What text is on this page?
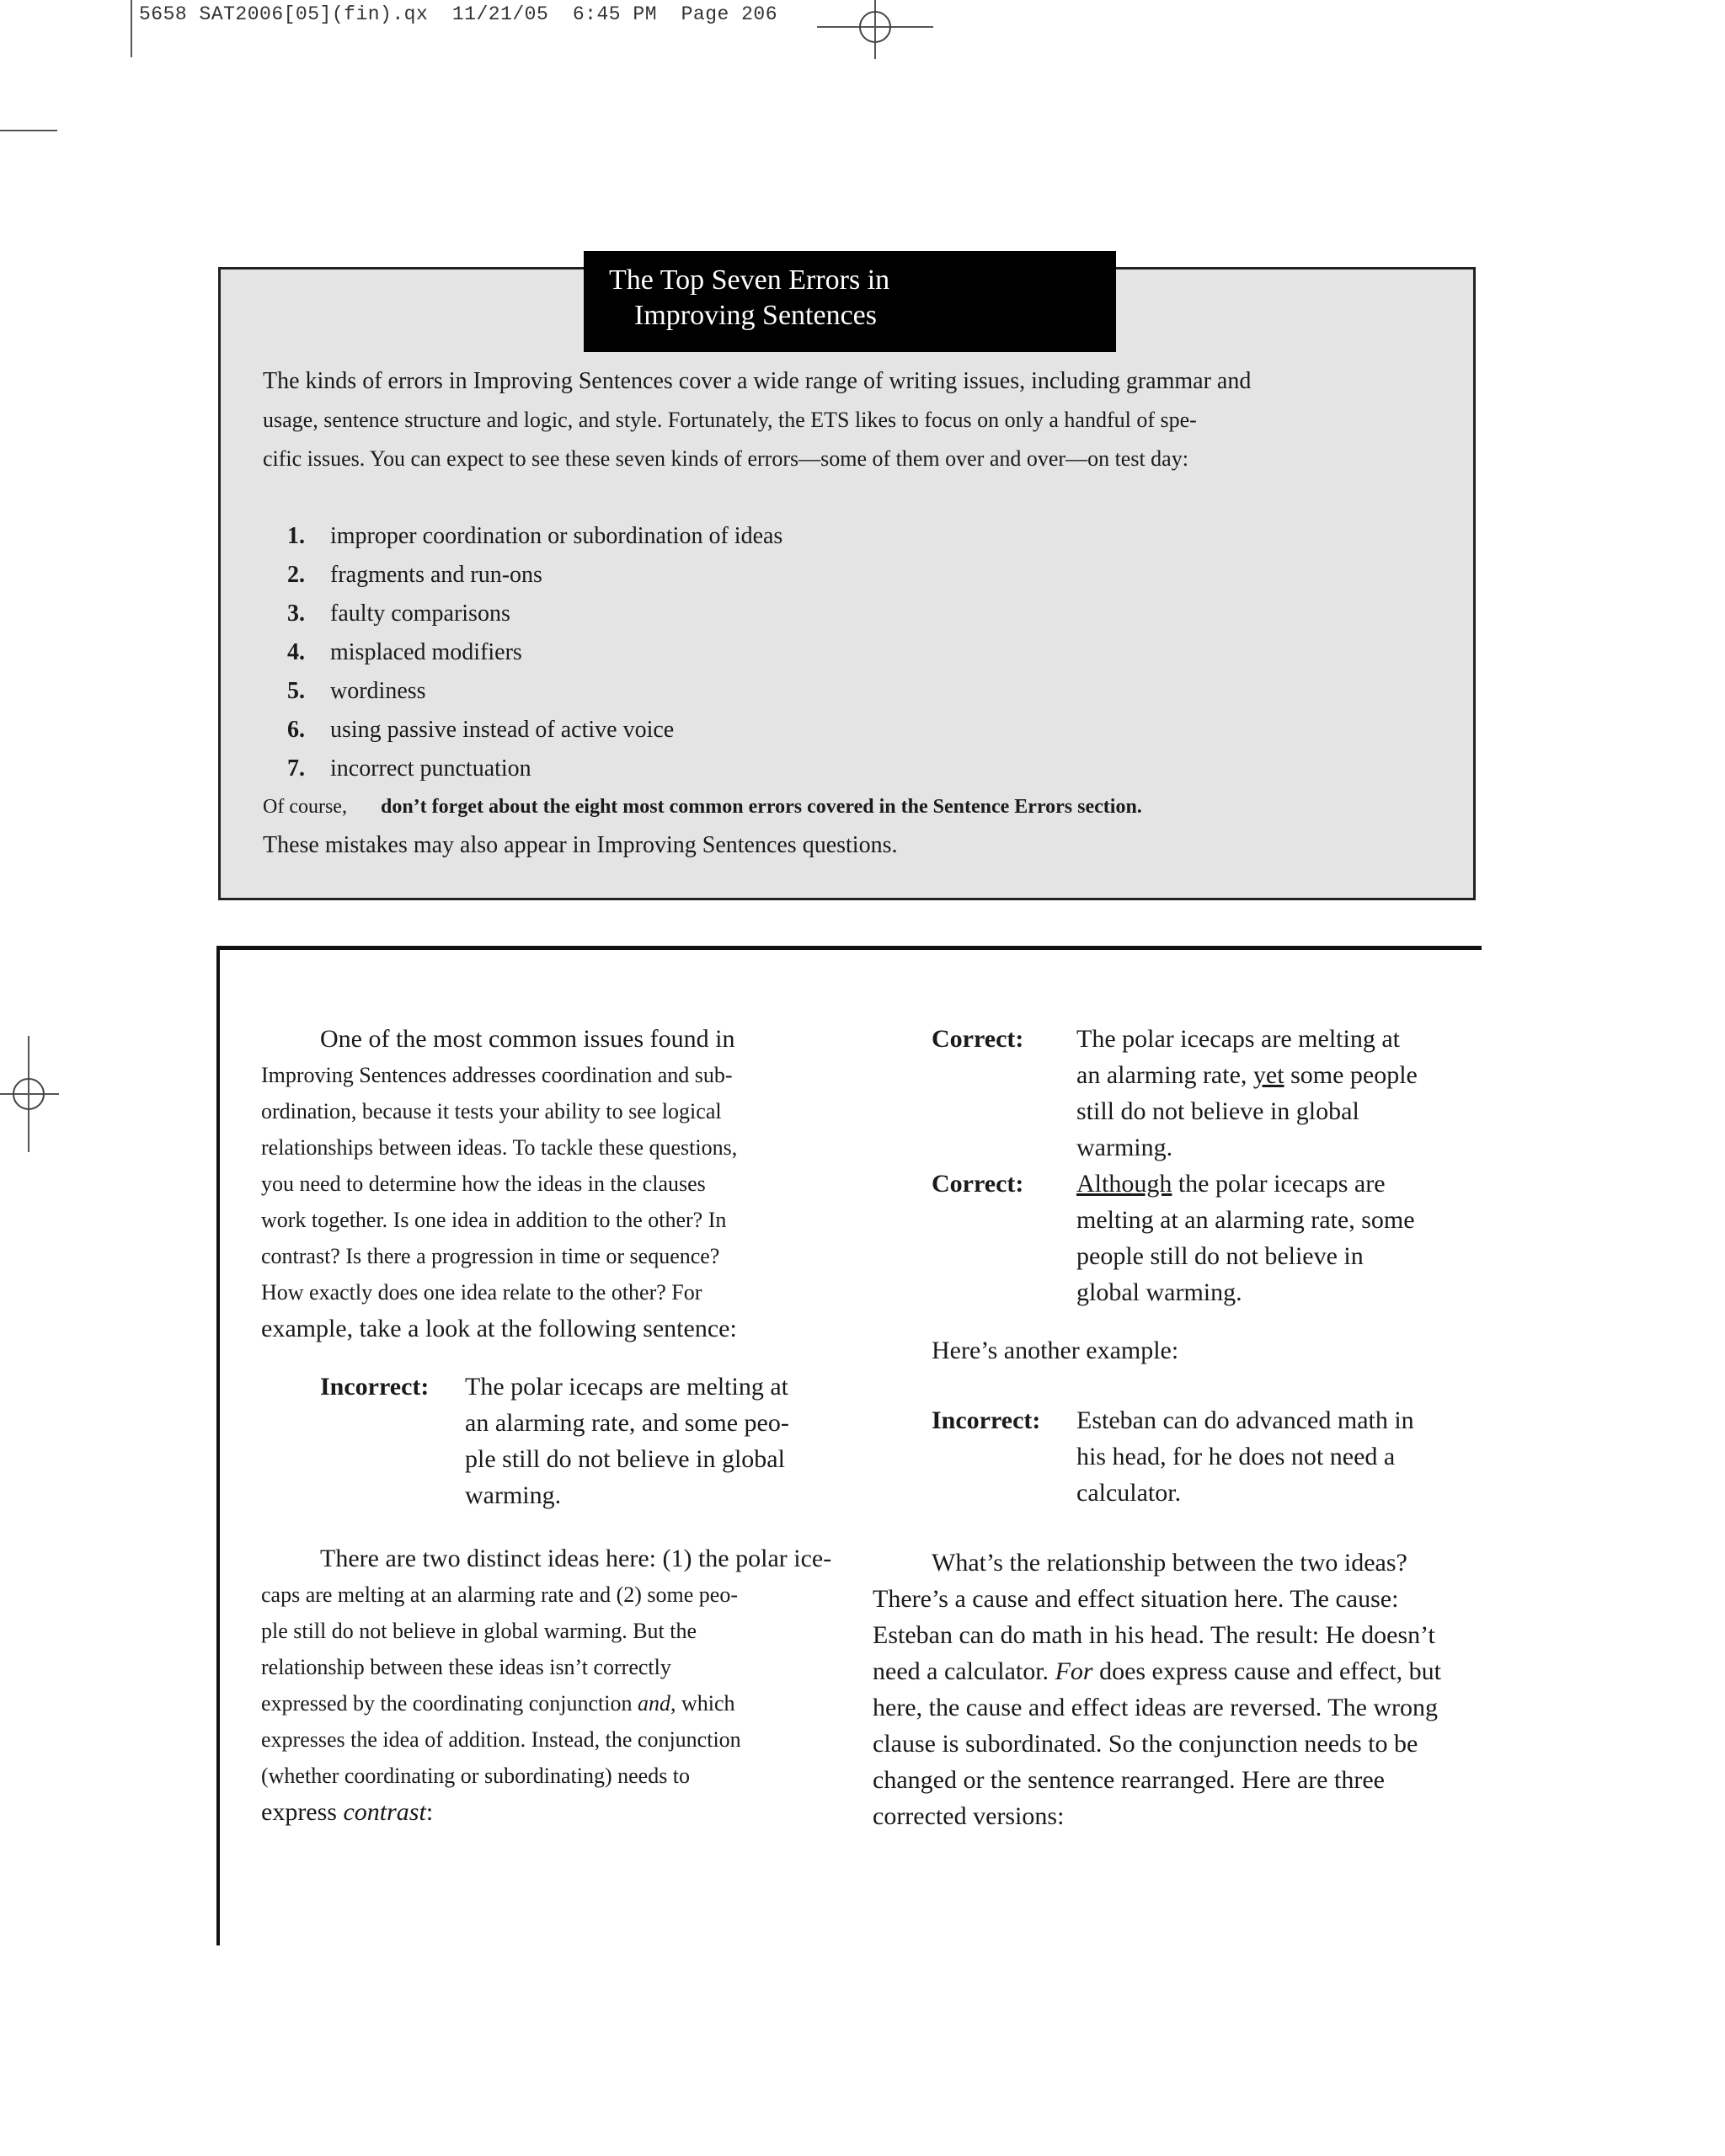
5658 SAT2006[05](fin).qx  11/21/05  6:45 PM  Page 206
The Top Seven Errors in
Improving Sentences
The kinds of errors in Improving Sentences cover a wide range of writing issues, including grammar and
usage, sentence structure and logic, and style. Fortunately, the ETS likes to focus on only a handful of spe-
cific issues. You can expect to see these seven kinds of errors—some of them over and over—on test day:
1. improper coordination or subordination of ideas
2. fragments and run-ons
3. faulty comparisons
4. misplaced modifiers
5. wordiness
6. using passive instead of active voice
7. incorrect punctuation
Of course, don’t forget about the eight most common errors covered in the Sentence Errors section.
These mistakes may also appear in Improving Sentences questions.
One of the most common issues found in
Improving Sentences addresses coordination and sub-
ordination, because it tests your ability to see logical
relationships between ideas. To tackle these questions,
you need to determine how the ideas in the clauses
work together. Is one idea in addition to the other? In
contrast? Is there a progression in time or sequence?
How exactly does one idea relate to the other? For
example, take a look at the following sentence:
Incorrect: The polar icecaps are melting at
an alarming rate, and some peo-
ple still do not believe in global
warming.
There are two distinct ideas here: (1) the polar ice-
caps are melting at an alarming rate and (2) some peo-
ple still do not believe in global warming. But the
relationship between these ideas isn’t correctly
expressed by the coordinating conjunction and, which
expresses the idea of addition. Instead, the conjunction
(whether coordinating or subordinating) needs to
express contrast:
Correct: The polar icecaps are melting at
an alarming rate, yet some people
still do not believe in global
warming.
Correct: Although the polar icecaps are
melting at an alarming rate, some
people still do not believe in
global warming.
Here’s another example:
Incorrect: Esteban can do advanced math in
his head, for he does not need a
calculator.
What’s the relationship between the two ideas?
There’s a cause and effect situation here. The cause:
Esteban can do math in his head. The result: He doesn’t
need a calculator. For does express cause and effect, but
here, the cause and effect ideas are reversed. The wrong
clause is subordinated. So the conjunction needs to be
changed or the sentence rearranged. Here are three
corrected versions:
